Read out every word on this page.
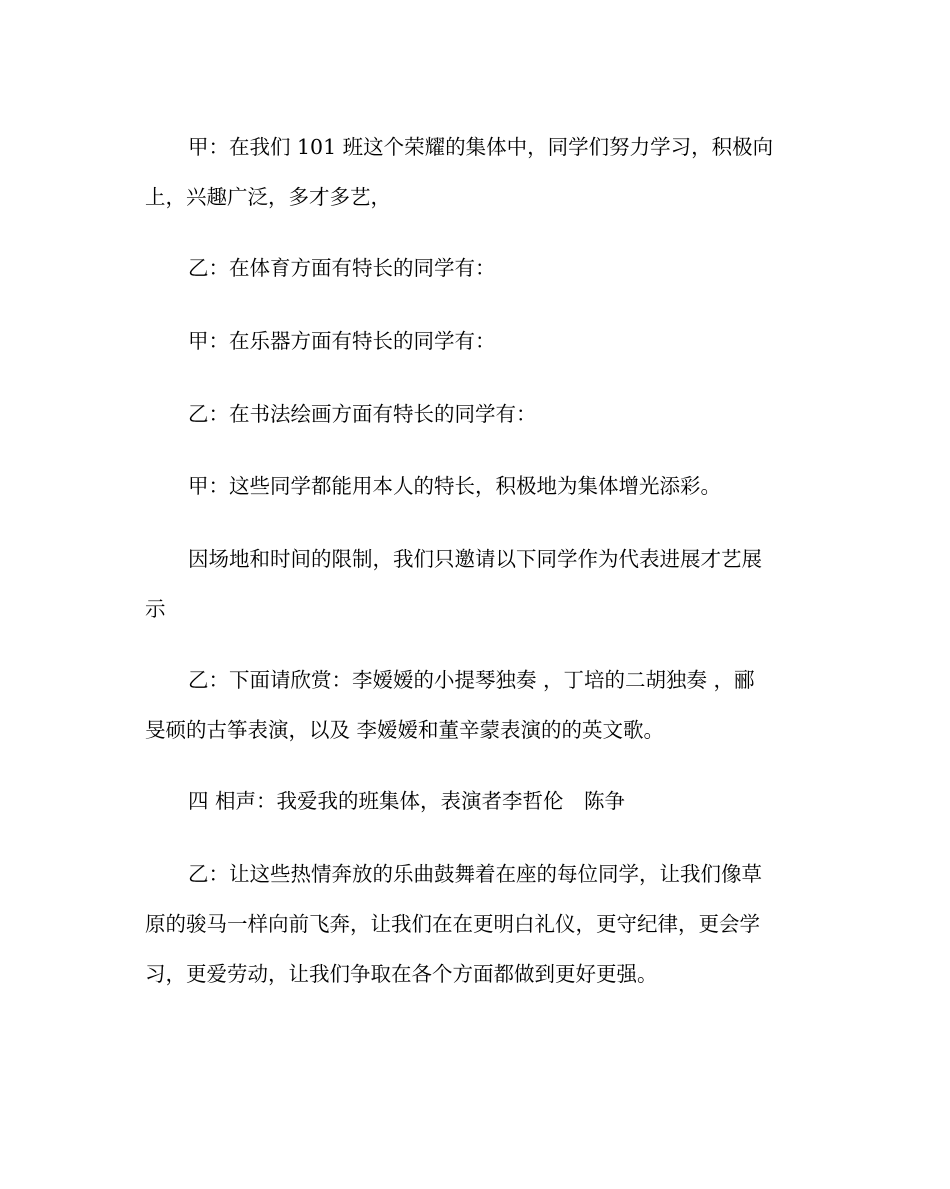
甲：在我们 101 班这个荣耀的集体中，同学们努力学习，积极向
上，兴趣广泛，多才多艺，
乙：在体育方面有特长的同学有：
甲：在乐器方面有特长的同学有：
乙：在书法绘画方面有特长的同学有：
甲：这些同学都能用本人的特长，积极地为集体增光添彩。
因场地和时间的限制，我们只邀请以下同学作为代表进展才艺展
示
乙：下面请欣赏：李嫒嫒的小提琴独奏 ，丁培的二胡独奏 ，郦
旻硕的古筝表演，以及 李嫒嫒和董辛蒙表演的的英文歌。
四 相声：我爱我的班集体，表演者李哲伦　陈争
乙：让这些热情奔放的乐曲鼓舞着在座的每位同学，让我们像草
原的骏马一样向前飞奔，让我们在在更明白礼仪，更守纪律，更会学
习，更爱劳动，让我们争取在各个方面都做到更好更强。
